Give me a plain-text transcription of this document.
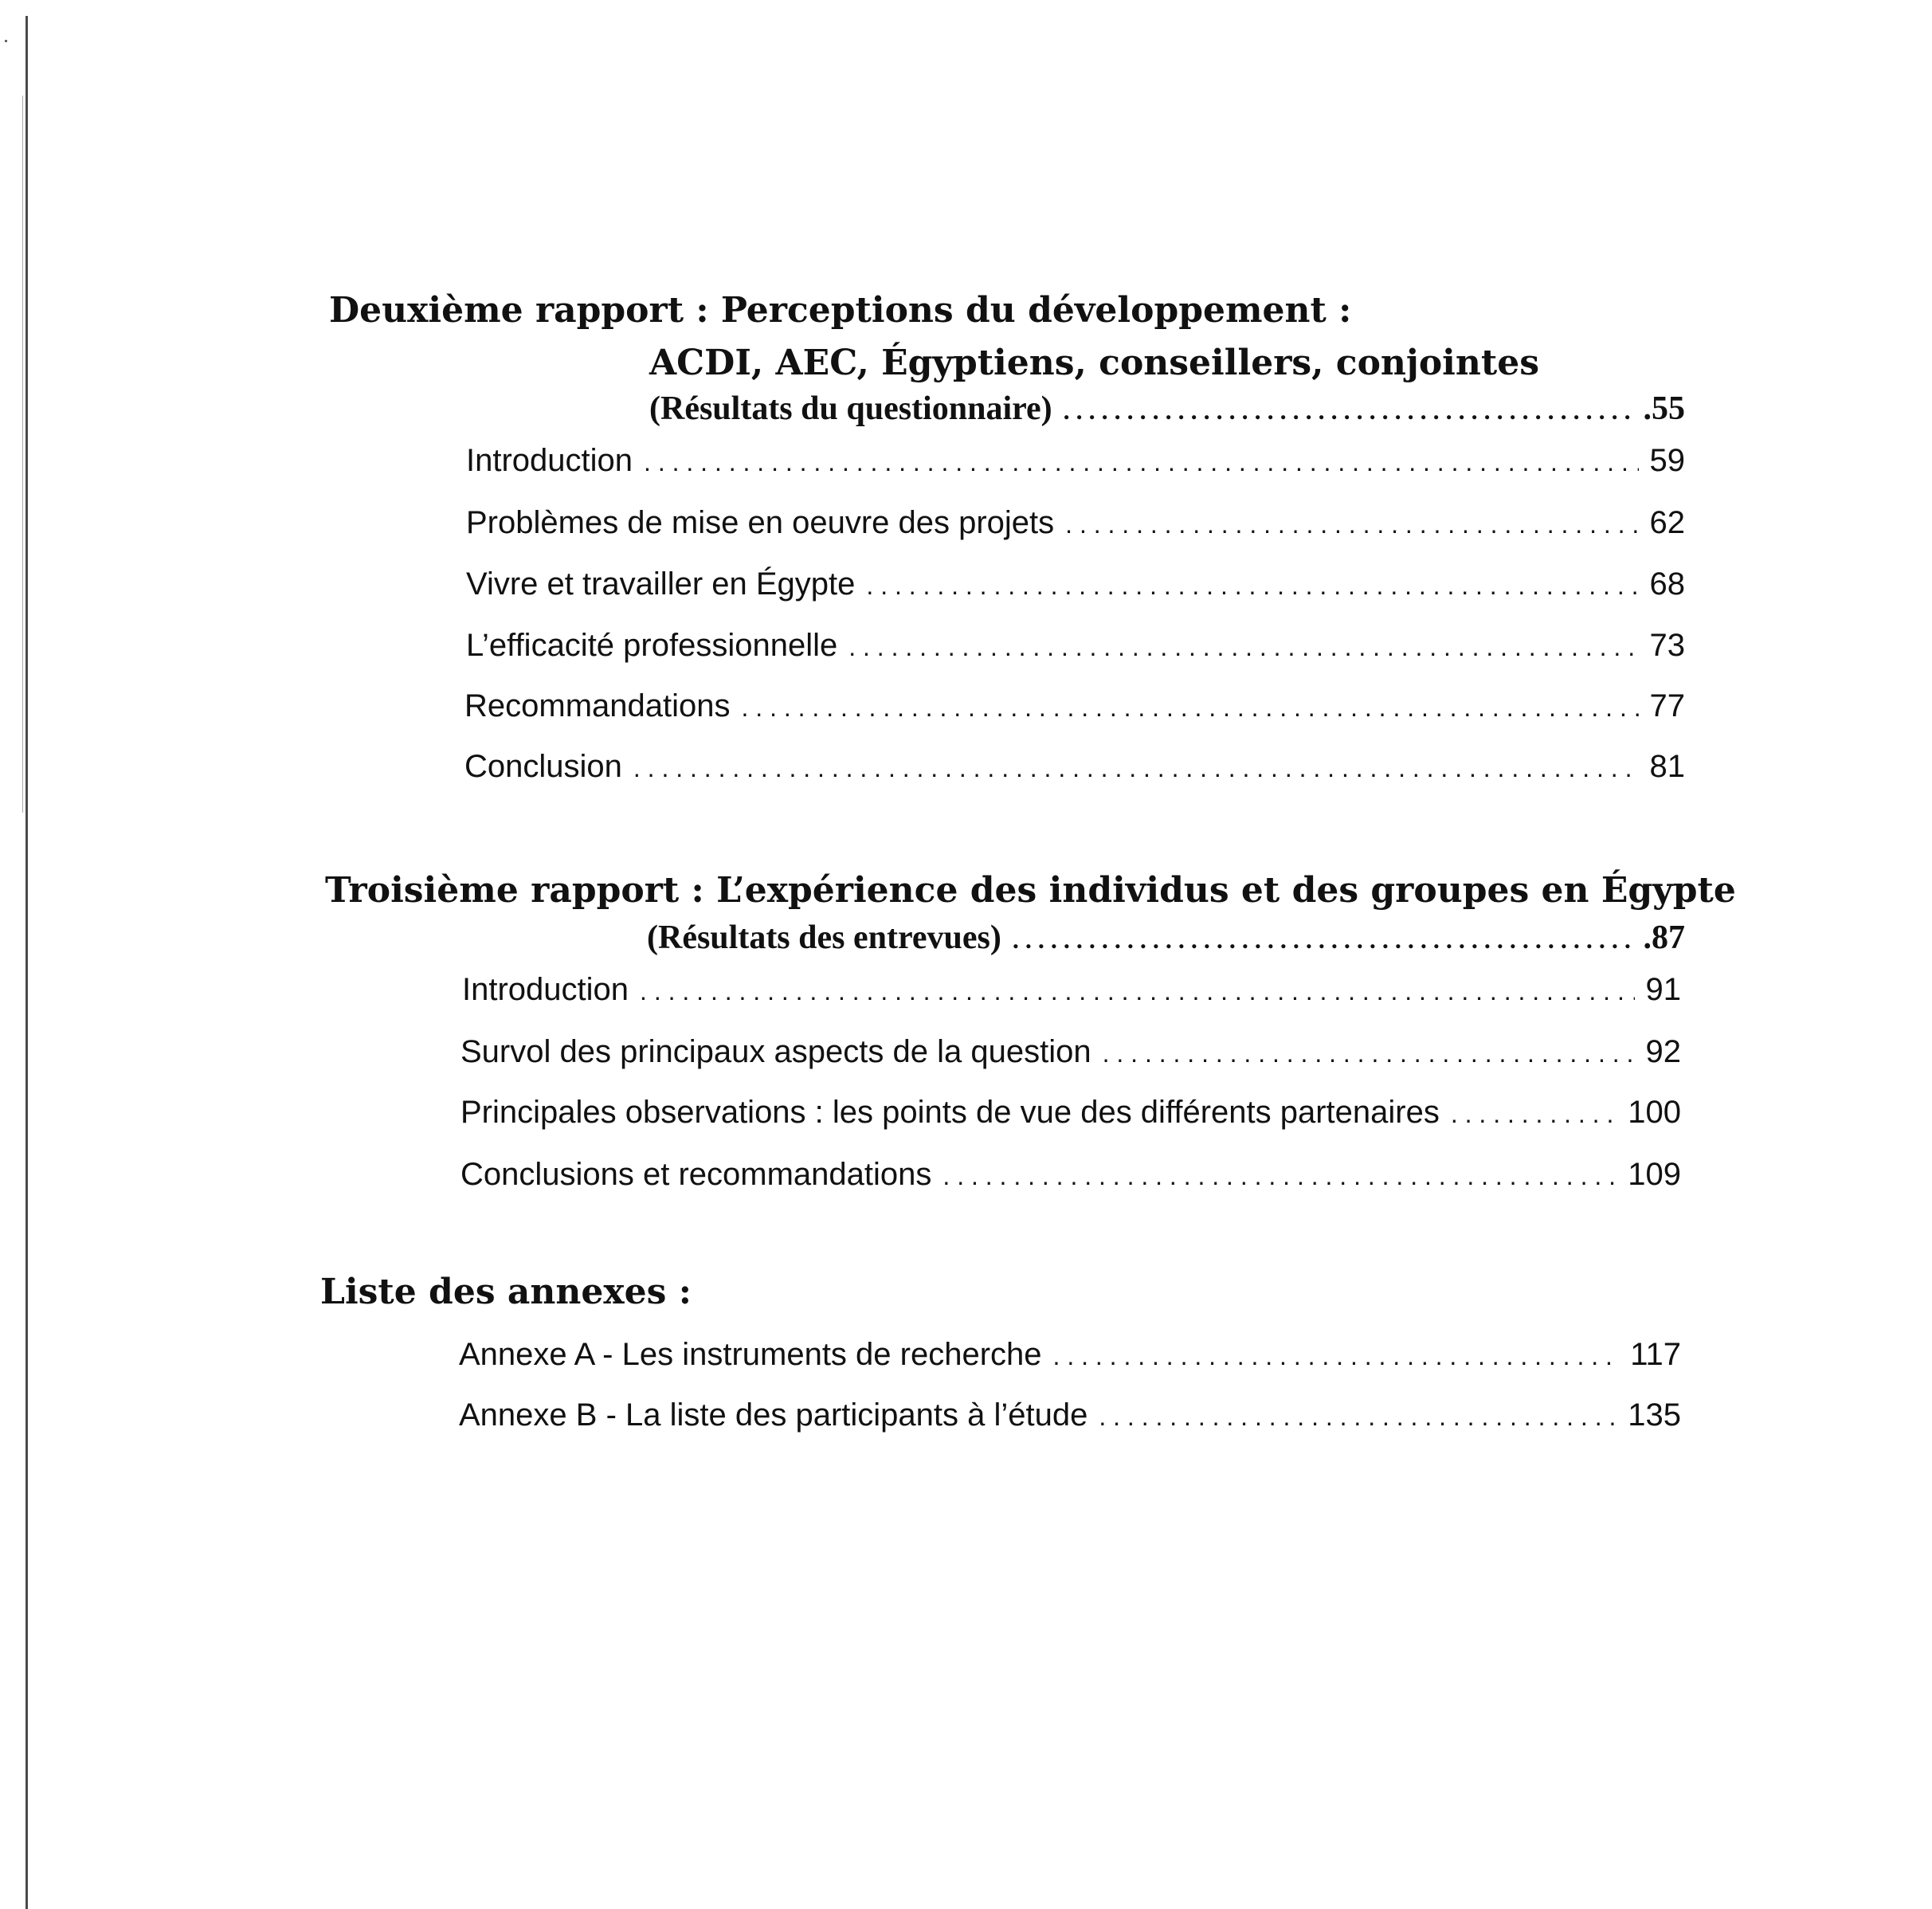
Deuxième rapport : Perceptions du développement :
ACDI, AEC, Égyptiens, conseillers, conjointes
(Résultats du questionnaire) . . .	.55
Introduction . . .	59
Problèmes de mise en oeuvre des projets . . .	62
Vivre et travailler en Égypte . . .	68
L’efficacité professionnelle . . .	73
Recommandations . . .	77
Conclusion . . .	81
Troisième rapport : L’expérience des individus et des groupes en Égypte
(Résultats des entrevues) . . .	.87
Introduction . . .	91
Survol des principaux aspects de la question . . .	92
Principales observations : les points de vue des différents partenaires . . .	100
Conclusions et recommandations . . .	109
Liste des annexes :
Annexe A - Les instruments de recherche . . .	117
Annexe B - La liste des participants à l’étude . . .	135
